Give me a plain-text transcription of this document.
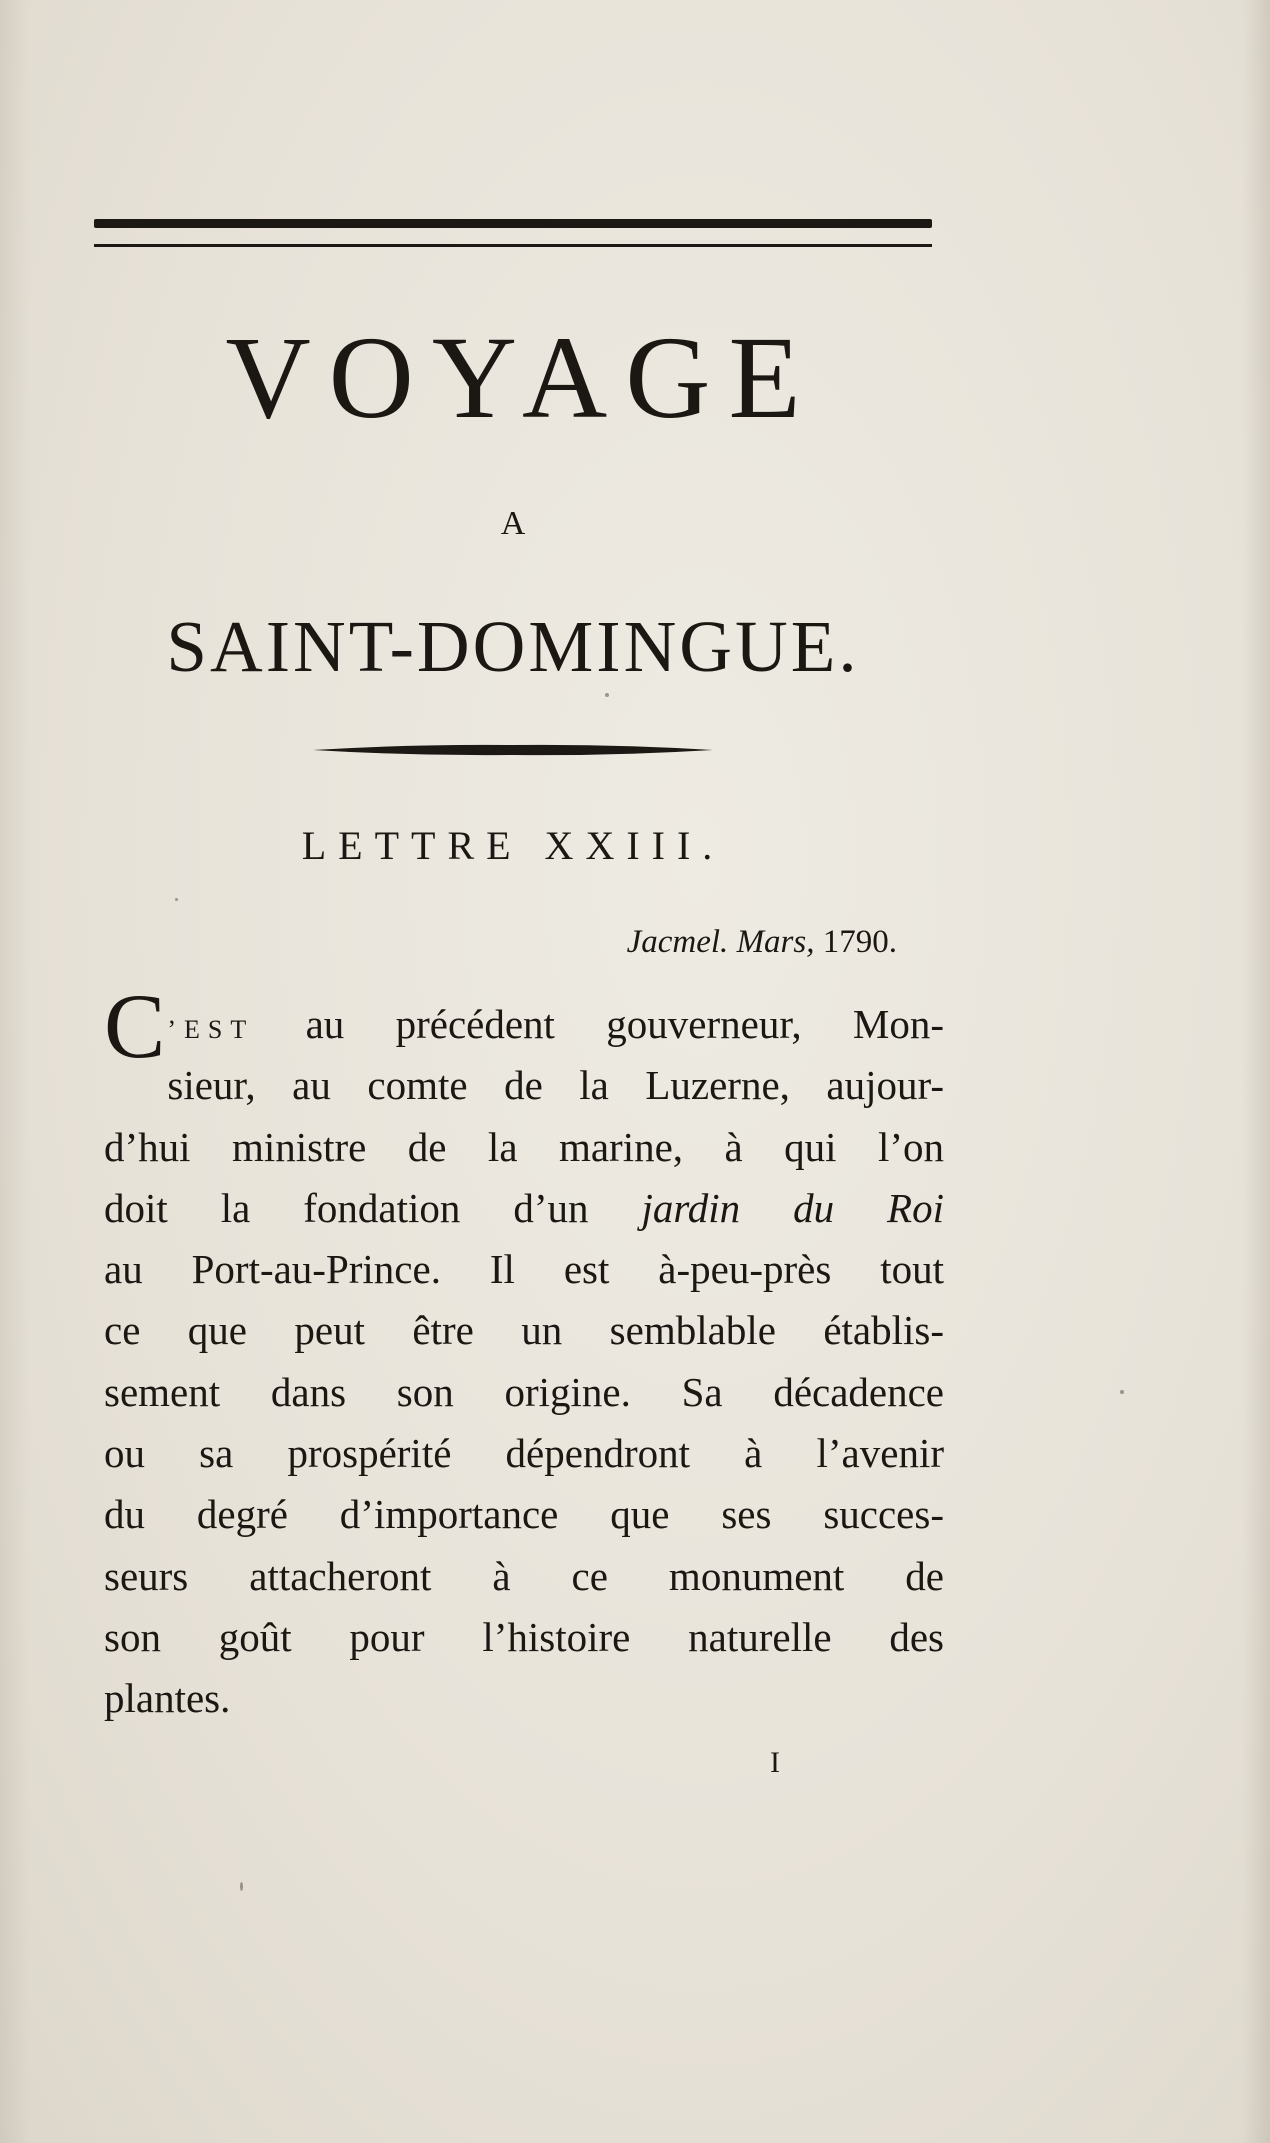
VOYAGE
A
SAINT-DOMINGUE.
LETTRE XXIII.
Jacmel. Mars, 1790.
C ’EST au précédent gouverneur, Mon-
sieur, au comte de la Luzerne, aujour-
d’hui ministre de la marine, à qui l’on
doit la fondation d’un jardin du Roi
au Port-au-Prince. Il est à-peu-près tout
ce que peut être un semblable établis-
sement dans son origine. Sa décadence
ou sa prospérité dépendront à l’avenir
du degré d’importance que ses succes-
seurs attacheront à ce monument de
son goût pour l’histoire naturelle des
plantes.
I
